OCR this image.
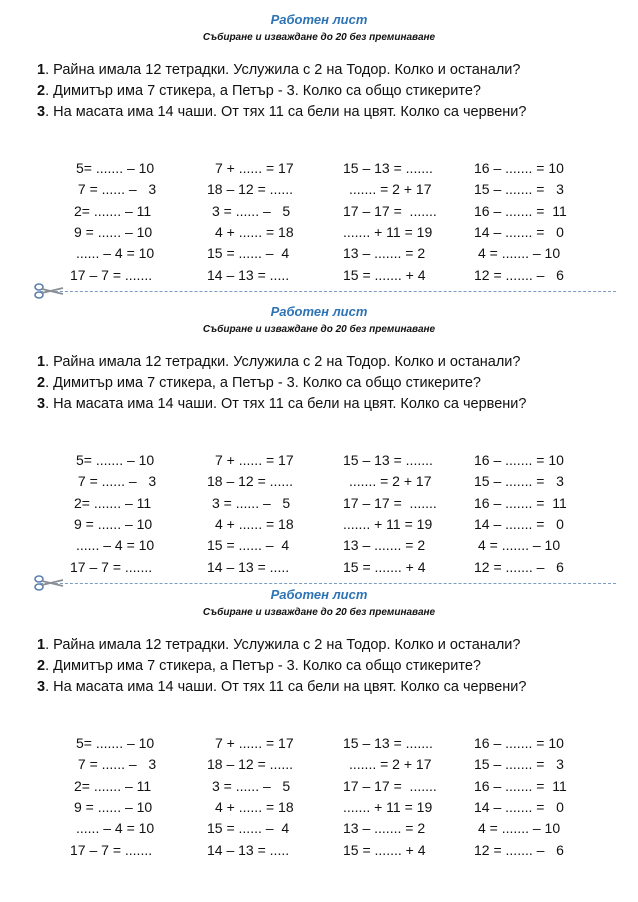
Работен лист
Събиране и изваждане до 20 без преминаване
1. Райна имала 12 тетрадки. Услужила с 2 на Тодор. Колко и останали?
2. Димитър има 7 стикера, а Петър - 3. Колко са общо стикерите?
3. На масата има 14 чаши. От тях 11 са бели на цвят. Колко са червени?
5= ....... – 10
7 = ...... –   3
2= ....... – 11
9 = ...... – 10
...... – 4 = 10
17 – 7 = .......
7 + ...... = 17
18 – 12 = ......
3 = ...... –   5
4 + ...... = 18
15 = ...... –  4
14 – 13 = .....
15 – 13 = .......
....... = 2 + 17
17 – 17 =  .......
....... + 11 = 19
13 – ....... = 2
15 = ....... + 4
16 – ....... = 10
15 – ....... =   3
16 – ....... =  11
14 – ....... =   0
4 = ....... – 10
12 = ....... –   6
Работен лист
Събиране и изваждане до 20 без преминаване
1. Райна имала 12 тетрадки. Услужила с 2 на Тодор. Колко и останали?
2. Димитър има 7 стикера, а Петър - 3. Колко са общо стикерите?
3. На масата има 14 чаши. От тях 11 са бели на цвят. Колко са червени?
5= ....... – 10
7 = ...... –   3
2= ....... – 11
9 = ...... – 10
...... – 4 = 10
17 – 7 = .......
7 + ...... = 17
18 – 12 = ......
3 = ...... –   5
4 + ...... = 18
15 = ...... –  4
14 – 13 = .....
15 – 13 = .......
....... = 2 + 17
17 – 17 =  .......
....... + 11 = 19
13 – ....... = 2
15 = ....... + 4
16 – ....... = 10
15 – ....... =   3
16 – ....... =  11
14 – ....... =   0
4 = ....... – 10
12 = ....... –   6
Работен лист
Събиране и изваждане до 20 без преминаване
1. Райна имала 12 тетрадки. Услужила с 2 на Тодор. Колко и останали?
2. Димитър има 7 стикера, а Петър - 3. Колко са общо стикерите?
3. На масата има 14 чаши. От тях 11 са бели на цвят. Колко са червени?
5= ....... – 10
7 = ...... –   3
2= ....... – 11
9 = ...... – 10
...... – 4 = 10
17 – 7 = .......
7 + ...... = 17
18 – 12 = ......
3 = ...... –   5
4 + ...... = 18
15 = ...... –  4
14 – 13 = .....
15 – 13 = .......
....... = 2 + 17
17 – 17 =  .......
....... + 11 = 19
13 – ....... = 2
15 = ....... + 4
16 – ....... = 10
15 – ....... =   3
16 – ....... =  11
14 – ....... =   0
4 = ....... – 10
12 = ....... –   6
